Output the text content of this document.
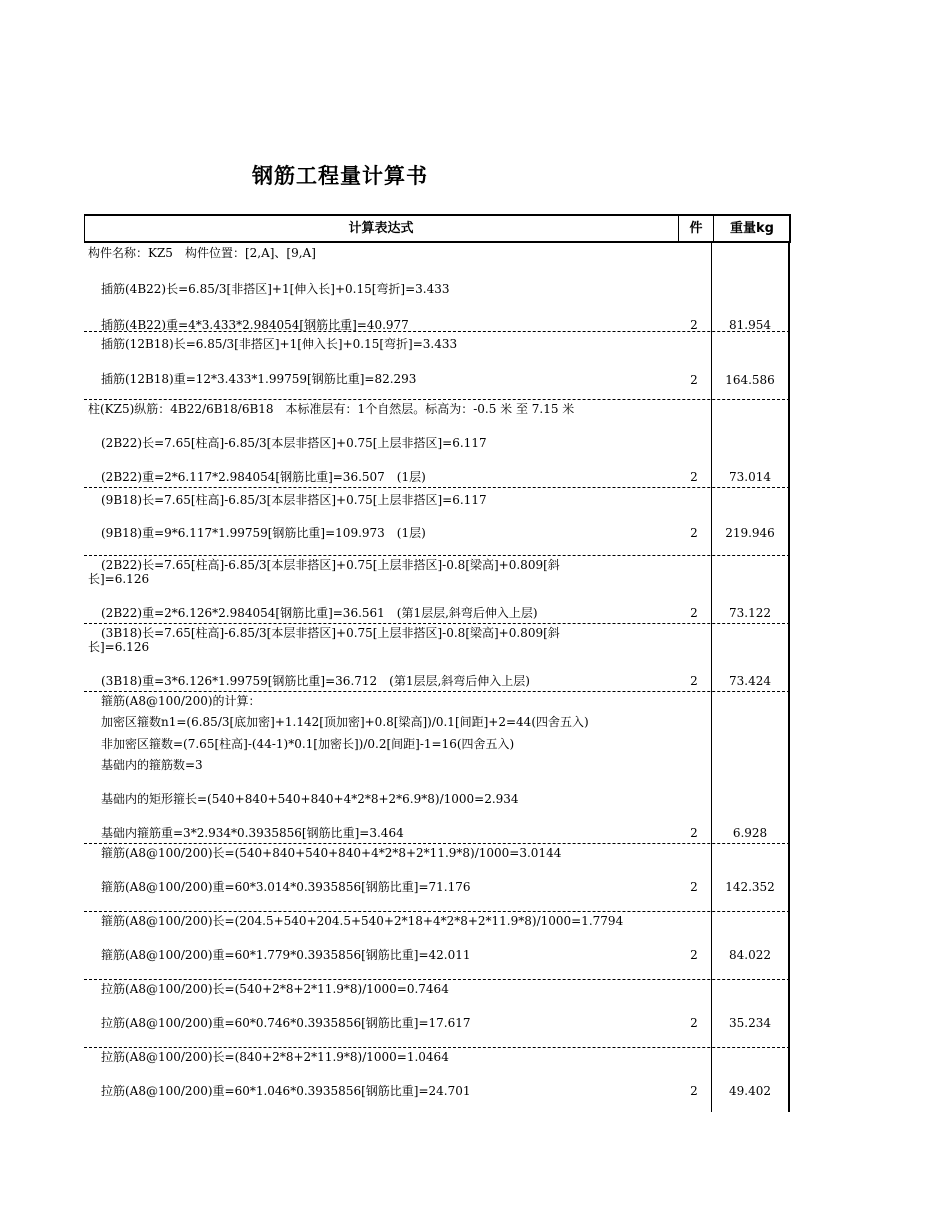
钢筋工程量计算书
计算表达式	件	重量kg
构件名称：KZ5　构件位置：[2,A]、[9,A]
插筋(4B22)长=6.85/3[非搭区]+1[伸入长]+0.15[弯折]=3.433
插筋(4B22)重=4*3.433*2.984054[钢筋比重]=40.977	2	81.954
插筋(12B18)长=6.85/3[非搭区]+1[伸入长]+0.15[弯折]=3.433
插筋(12B18)重=12*3.433*1.99759[钢筋比重]=82.293	2	164.586
柱(KZ5)纵筋：4B22/6B18/6B18　本标准层有：1个自然层。标高为：-0.5 米 至 7.15 米
(2B22)长=7.65[柱高]-6.85/3[本层非搭区]+0.75[上层非搭区]=6.117
(2B22)重=2*6.117*2.984054[钢筋比重]=36.507　(1层)	2	73.014
(9B18)长=7.65[柱高]-6.85/3[本层非搭区]+0.75[上层非搭区]=6.117
(9B18)重=9*6.117*1.99759[钢筋比重]=109.973　(1层)	2	219.946
(2B22)长=7.65[柱高]-6.85/3[本层非搭区]+0.75[上层非搭区]-0.8[梁高]+0.809[斜
长]=6.126
(2B22)重=2*6.126*2.984054[钢筋比重]=36.561　(第1层层,斜弯后伸入上层)	2	73.122
(3B18)长=7.65[柱高]-6.85/3[本层非搭区]+0.75[上层非搭区]-0.8[梁高]+0.809[斜
长]=6.126
(3B18)重=3*6.126*1.99759[钢筋比重]=36.712　(第1层层,斜弯后伸入上层)	2	73.424
箍筋(A8@100/200)的计算：
加密区箍数n1=(6.85/3[底加密]+1.142[顶加密]+0.8[梁高])/0.1[间距]+2=44(四舍五入)
非加密区箍数=(7.65[柱高]-(44-1)*0.1[加密长])/0.2[间距]-1=16(四舍五入)
基础内的箍筋数=3
基础内的矩形箍长=(540+840+540+840+4*2*8+2*6.9*8)/1000=2.934
基础内箍筋重=3*2.934*0.3935856[钢筋比重]=3.464	2	6.928
箍筋(A8@100/200)长=(540+840+540+840+4*2*8+2*11.9*8)/1000=3.0144
箍筋(A8@100/200)重=60*3.014*0.3935856[钢筋比重]=71.176	2	142.352
箍筋(A8@100/200)长=(204.5+540+204.5+540+2*18+4*2*8+2*11.9*8)/1000=1.7794
箍筋(A8@100/200)重=60*1.779*0.3935856[钢筋比重]=42.011	2	84.022
拉筋(A8@100/200)长=(540+2*8+2*11.9*8)/1000=0.7464
拉筋(A8@100/200)重=60*0.746*0.3935856[钢筋比重]=17.617	2	35.234
拉筋(A8@100/200)长=(840+2*8+2*11.9*8)/1000=1.0464
拉筋(A8@100/200)重=60*1.046*0.3935856[钢筋比重]=24.701	2	49.402
